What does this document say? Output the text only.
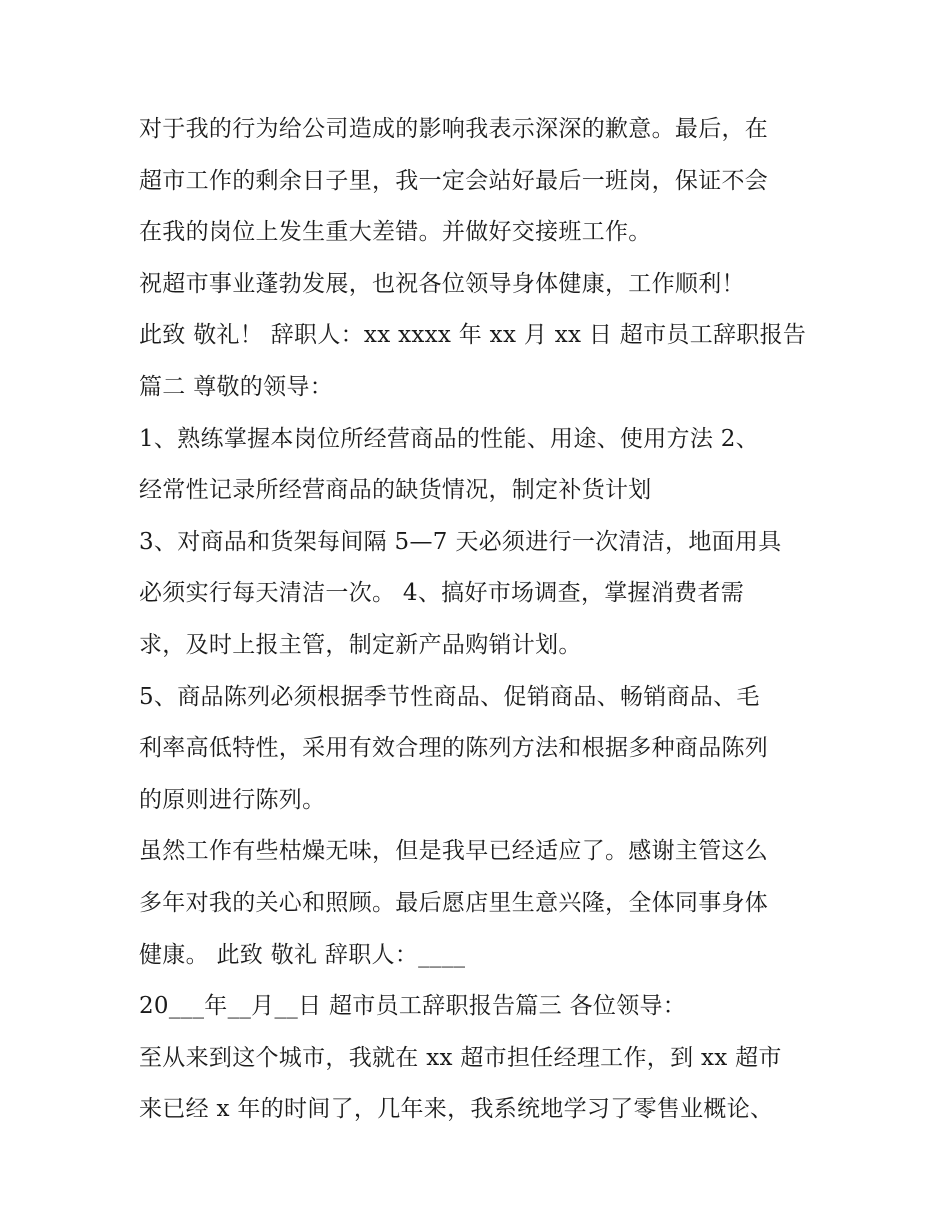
对于我的行为给公司造成的影响我表示深深的歉意。最后，在
超市工作的剩余日子里，我一定会站好最后一班岗，保证不会
在我的岗位上发生重大差错。并做好交接班工作。
祝超市事业蓬勃发展，也祝各位领导身体健康，工作顺利！
此致 敬礼！ 辞职人：xx xxxx 年 xx 月 xx 日 超市员工辞职报告
篇二 尊敬的领导：
1、熟练掌握本岗位所经营商品的性能、用途、使用方法 2、
经常性记录所经营商品的缺货情况，制定补货计划
3、对商品和货架每间隔 5—7 天必须进行一次清洁，地面用具
必须实行每天清洁一次。 4、搞好市场调查，掌握消费者需
求，及时上报主管，制定新产品购销计划。
5、商品陈列必须根据季节性商品、促销商品、畅销商品、毛
利率高低特性，采用有效合理的陈列方法和根据多种商品陈列
的原则进行陈列。
虽然工作有些枯燥无味，但是我早已经适应了。感谢主管这么
多年对我的关心和照顾。最后愿店里生意兴隆，全体同事身体
健康。 此致 敬礼 辞职人：____
20___年__月__日 超市员工辞职报告篇三 各位领导：
至从来到这个城市，我就在 xx 超市担任经理工作，到 xx 超市
来已经 x 年的时间了，几年来，我系统地学习了零售业概论、
